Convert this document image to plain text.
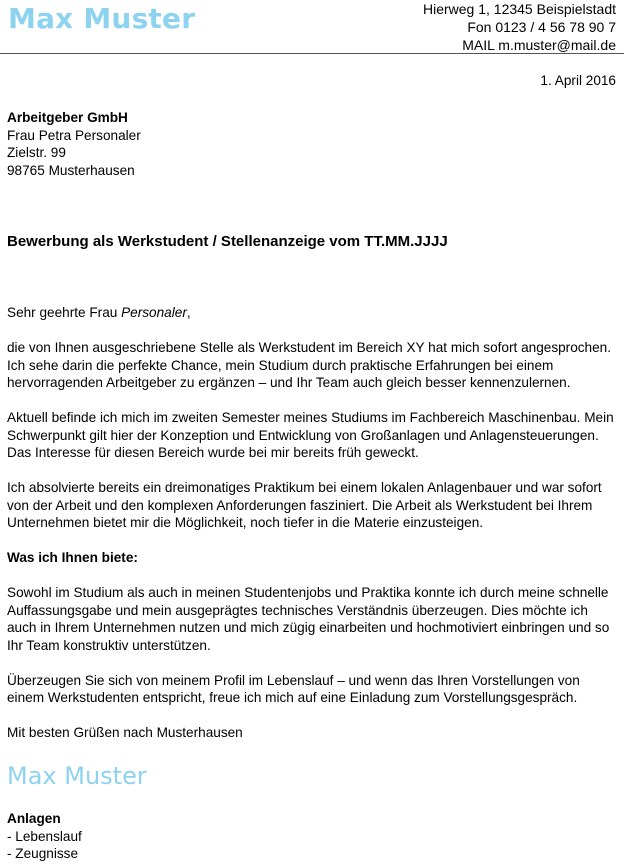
Max Muster	Hierweg 1, 12345 Beispielstadt
Fon 0123 / 4 56 78 90 7
MAIL m.muster@mail.de
1. April 2016
Arbeitgeber GmbH
Frau Petra Personaler
Zielstr. 99
98765 Musterhausen
Bewerbung als Werkstudent / Stellenanzeige vom TT.MM.JJJJ

Sehr geehrte Frau Personaler,

die von Ihnen ausgeschriebene Stelle als Werkstudent im Bereich XY hat mich sofort angesprochen. Ich sehe darin die perfekte Chance, mein Studium durch praktische Erfahrungen bei einem hervorragenden Arbeitgeber zu ergänzen – und Ihr Team auch gleich besser kennenzulernen.

Aktuell befinde ich mich im zweiten Semester meines Studiums im Fachbereich Maschinenbau. Mein Schwerpunkt gilt hier der Konzeption und Entwicklung von Großanlagen und Anlagensteuerungen. Das Interesse für diesen Bereich wurde bei mir bereits früh geweckt.

Ich absolvierte bereits ein dreimonatiges Praktikum bei einem lokalen Anlagenbauer und war sofort von der Arbeit und den komplexen Anforderungen fasziniert. Die Arbeit als Werkstudent bei Ihrem Unternehmen bietet mir die Möglichkeit, noch tiefer in die Materie einzusteigen.

Was ich Ihnen biete:

Sowohl im Studium als auch in meinen Studentenjobs und Praktika konnte ich durch meine schnelle Auffassungsgabe und mein ausgeprägtes technisches Verständnis überzeugen. Dies möchte ich auch in Ihrem Unternehmen nutzen und mich zügig einarbeiten und hochmotiviert einbringen und so Ihr Team konstruktiv unterstützen.

Überzeugen Sie sich von meinem Profil im Lebenslauf – und wenn das Ihren Vorstellungen von einem Werkstudenten entspricht, freue ich mich auf eine Einladung zum Vorstellungsgespräch.

Mit besten Grüßen nach Musterhausen

Max Muster
Anlagen
- Lebenslauf
- Zeugnisse
